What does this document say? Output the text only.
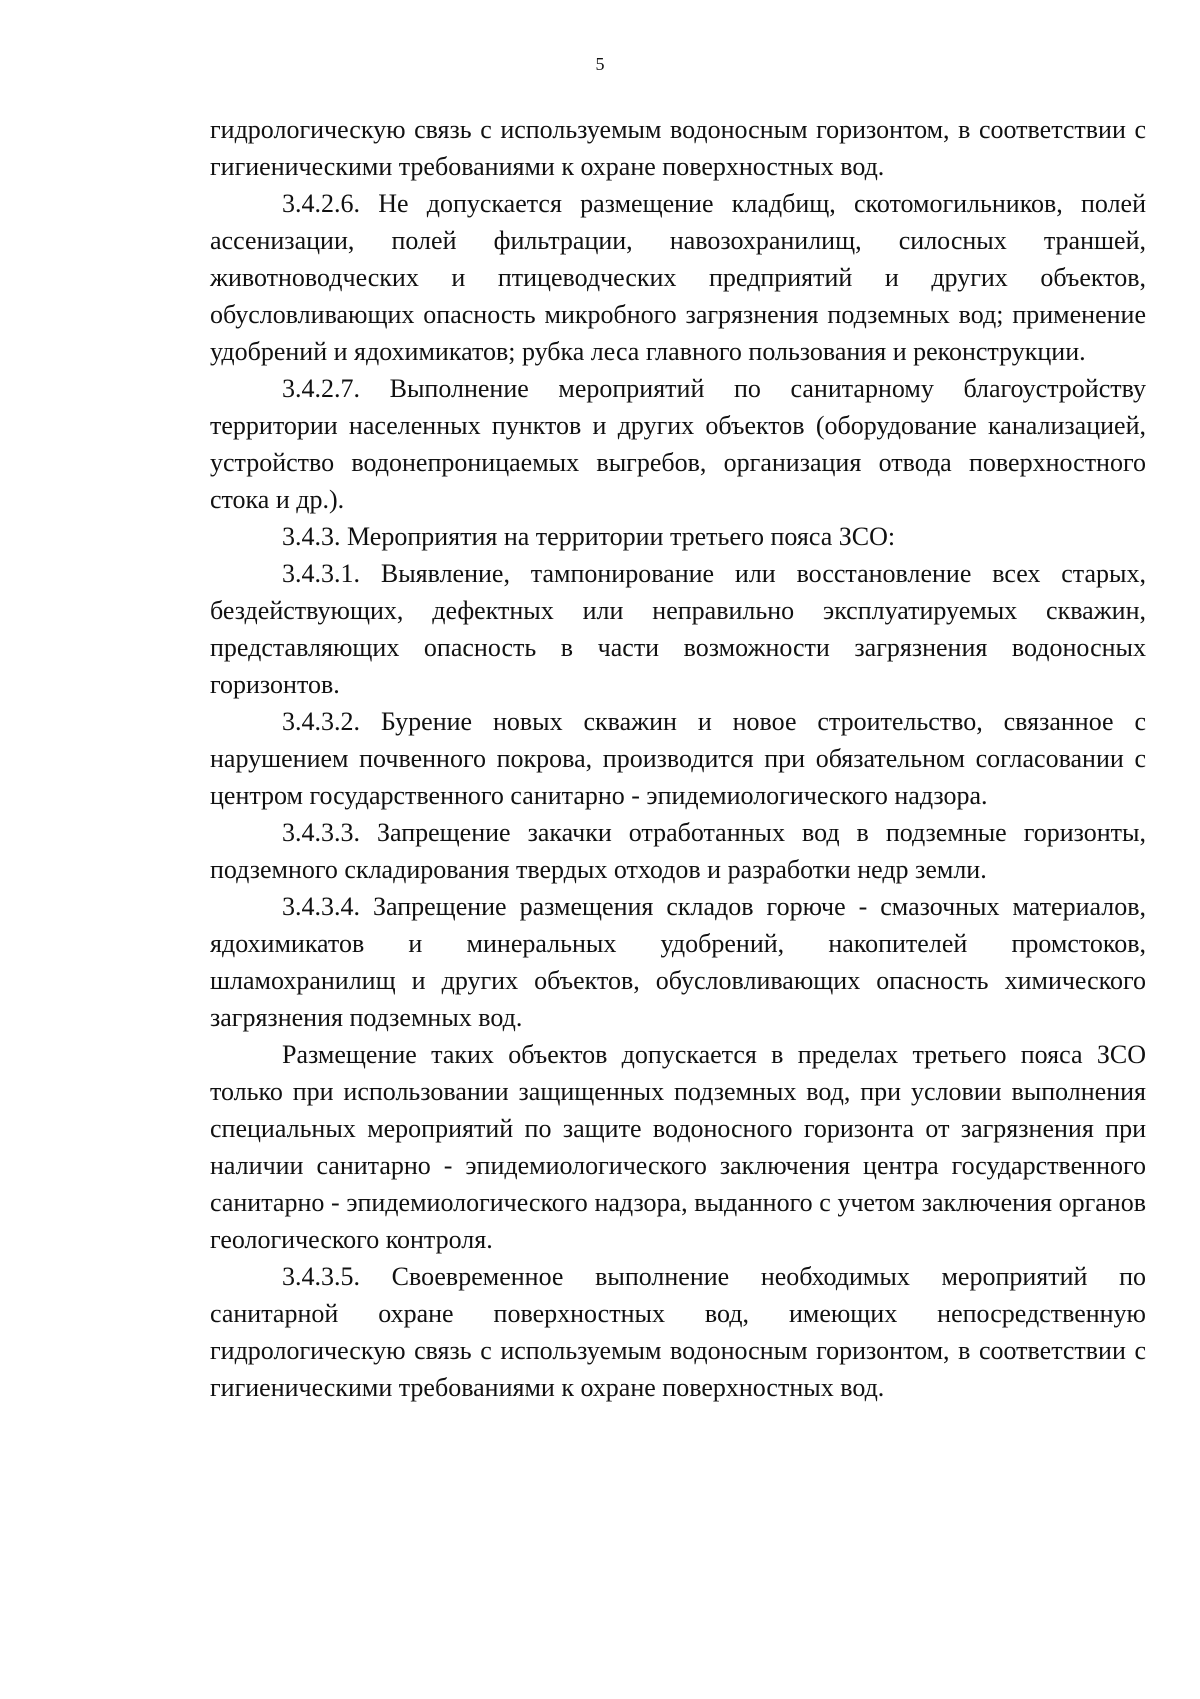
5

гидрологическую связь с используемым водоносным горизонтом, в соответствии с гигиеническими требованиями к охране поверхностных вод.

3.4.2.6. Не допускается размещение кладбищ, скотомогильников, полей ассенизации, полей фильтрации, навозохранилищ, силосных траншей, животноводческих и птицеводческих предприятий и других объектов, обусловливающих опасность микробного загрязнения подземных вод; применение удобрений и ядохимикатов; рубка леса главного пользования и реконструкции.

3.4.2.7. Выполнение мероприятий по санитарному благоустройству территории населенных пунктов и других объектов (оборудование канализацией, устройство водонепроницаемых выгребов, организация отвода поверхностного стока и др.).

3.4.3. Мероприятия на территории третьего пояса ЗСО:

3.4.3.1. Выявление, тампонирование или восстановление всех старых, бездействующих, дефектных или неправильно эксплуатируемых скважин, представляющих опасность в части возможности загрязнения водоносных горизонтов.

3.4.3.2. Бурение новых скважин и новое строительство, связанное с нарушением почвенного покрова, производится при обязательном согласовании с центром государственного санитарно - эпидемиологического надзора.

3.4.3.3. Запрещение закачки отработанных вод в подземные горизонты, подземного складирования твердых отходов и разработки недр земли.

3.4.3.4. Запрещение размещения складов горюче - смазочных материалов, ядохимикатов и минеральных удобрений, накопителей промстоков, шламохранилищ и других объектов, обусловливающих опасность химического загрязнения подземных вод.

Размещение таких объектов допускается в пределах третьего пояса ЗСО только при использовании защищенных подземных вод, при условии выполнения специальных мероприятий по защите водоносного горизонта от загрязнения при наличии санитарно - эпидемиологического заключения центра государственного санитарно - эпидемиологического надзора, выданного с учетом заключения органов геологического контроля.

3.4.3.5. Своевременное выполнение необходимых мероприятий по санитарной охране поверхностных вод, имеющих непосредственную гидрологическую связь с используемым водоносным горизонтом, в соответствии с гигиеническими требованиями к охране поверхностных вод.
